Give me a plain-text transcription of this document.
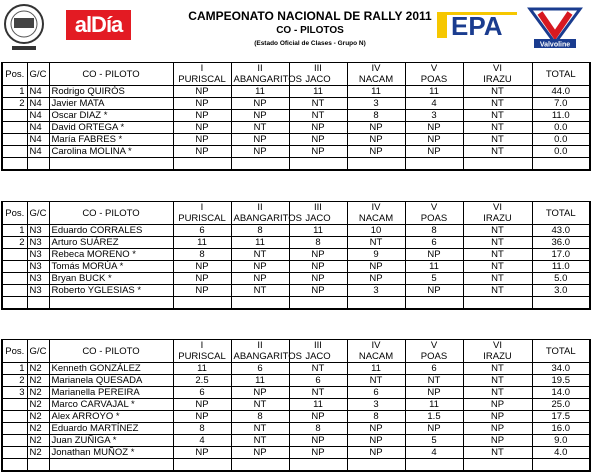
alDía	CAMPEONATO NACIONAL DE RALLY 2011
CO - PILOTOS
(Estado Oficial de Clases - Grupo N)
EPA
Valvoline
Pos.	G/C	CO - PILOTO	I	II	III	IV	V	VI	TOTAL
			PURISCAL	ABANGARITOS	JACO	NACAM	POAS	IRAZU	
1	N4	Rodrigo QUIRÓS	NP	11	11	11	11	NT	44.0
2	N4	Javier MATA	NP	NP	NT	3	4	NT	7.0
	N4	Oscar DIAZ *	NP	NP	NT	8	3	NT	11.0
	N4	David ORTEGA *	NP	NT	NP	NP	NP	NT	0.0
	N4	María FABRES *	NP	NP	NP	NP	NP	NT	0.0
	N4	Carolina MOLINA *	NP	NP	NP	NP	NP	NT	0.0

Pos.	G/C	CO - PILOTO	I	II	III	IV	V	VI	TOTAL
			PURISCAL	ABANGARITOS	JACO	NACAM	POAS	IRAZU	
1	N3	Eduardo CORRALES	6	8	11	10	8	NT	43.0
2	N3	Arturo SUÁREZ	11	11	8	NT	6	NT	36.0
	N3	Rebeca MORENO *	8	NT	NP	9	NP	NT	17.0
	N3	Tomás MORÚA *	NP	NP	NP	NP	11	NT	11.0
	N3	Bryan BUCK *	NP	NP	NP	NP	5	NT	5.0
	N3	Roberto YGLESIAS *	NP	NT	NP	3	NP	NT	3.0

Pos.	G/C	CO - PILOTO	I	II	III	IV	V	VI	TOTAL
			PURISCAL	ABANGARITOS	JACO	NACAM	POAS	IRAZU	
1	N2	Kenneth GONZÁLEZ	11	6	NT	11	6	NT	34.0
2	N2	Marianela QUESADA	2.5	11	6	NT	NT	NT	19.5
3	N2	Marianella PEREIRA	6	NP	NT	6	NP	NT	14.0
	N2	Marco CARVAJAL *	NP	NT	11	3	11	NP	25.0
	N2	Alex ARROYO *	NP	8	NP	8	1.5	NP	17.5
	N2	Eduardo MARTÍNEZ	8	NT	8	NP	NP	NP	16.0
	N2	Juan ZUÑIGA *	4	NT	NP	NP	5	NP	9.0
	N2	Jonathan MUÑOZ *	NP	NP	NP	NP	4	NT	4.0
